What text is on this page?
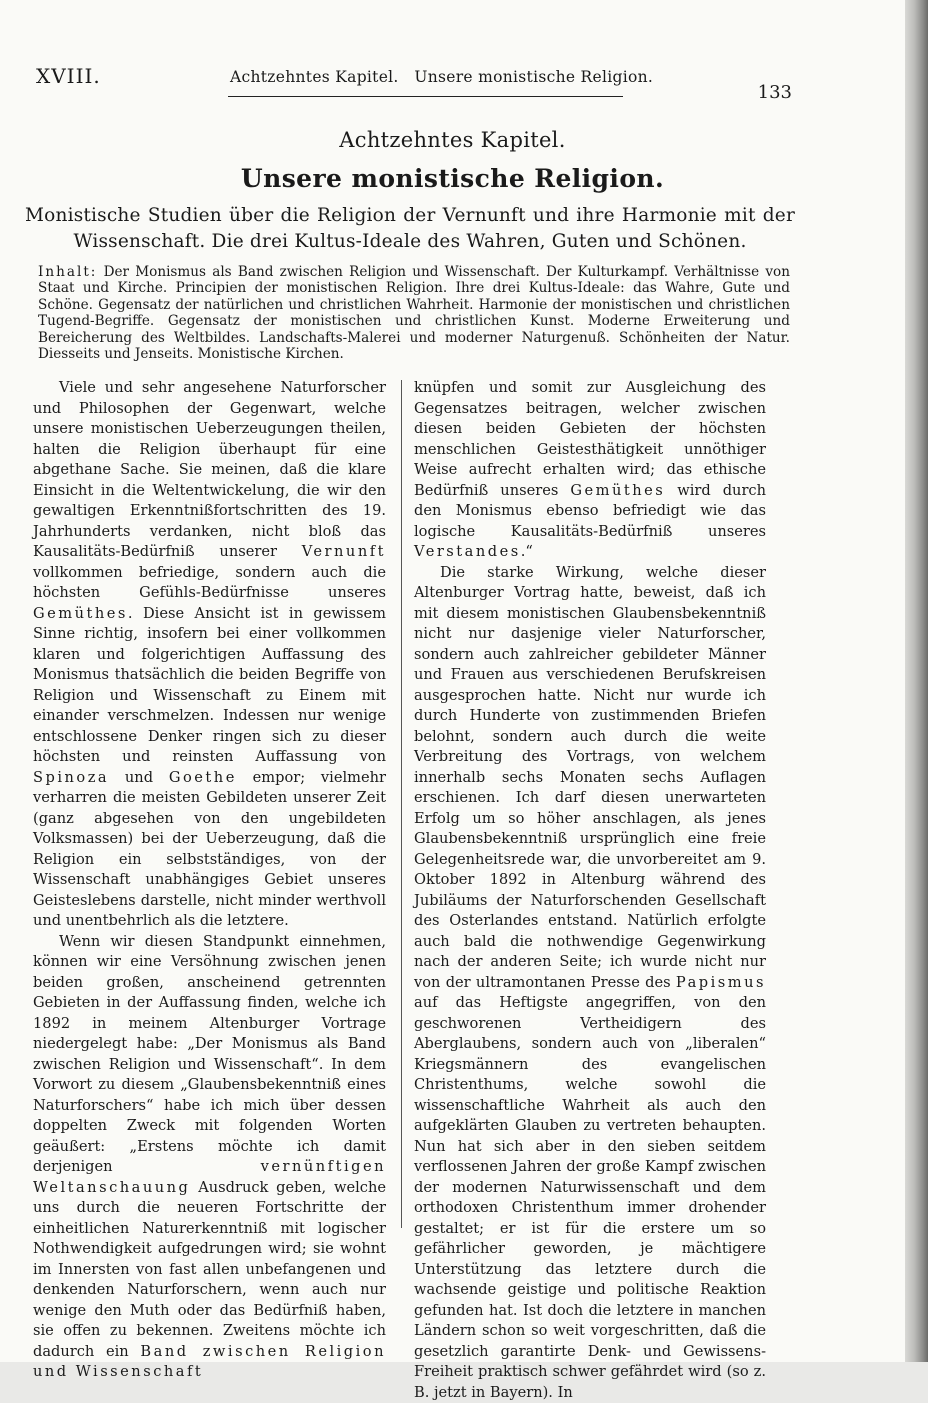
XVIII.	Achtzehntes Kapitel.   Unsere monistische Religion.
133
Achtzehntes Kapitel.
Unsere monistische Religion.
Monistische Studien über die Religion der Vernunft und ihre Harmonie mit der Wissenschaft. Die drei Kultus-Ideale des Wahren, Guten und Schönen.
Inhalt: Der Monismus als Band zwischen Religion und Wissenschaft. Der Kulturkampf. Verhältnisse von Staat und Kirche. Principien der monistischen Religion. Ihre drei Kultus-Ideale: das Wahre, Gute und Schöne. Gegensatz der natürlichen und christlichen Wahrheit. Harmonie der monistischen und christlichen Tugend-Begriffe. Gegensatz der monistischen und christlichen Kunst. Moderne Erweiterung und Bereicherung des Weltbildes. Landschafts-Malerei und moderner Naturgenuß. Schönheiten der Natur. Diesseits und Jenseits. Monistische Kirchen.

Viele und sehr angesehene Naturforscher und Philosophen der Gegenwart, welche unsere monistischen Ueberzeugungen theilen, halten die Religion überhaupt für eine abgethane Sache. Sie meinen, daß die klare Einsicht in die Weltentwickelung, die wir den gewaltigen Erkenntnißfortschritten des 19. Jahrhunderts verdanken, nicht bloß das Kausalitäts-Bedürfniß unserer Vernunft vollkommen befriedige, sondern auch die höchsten Gefühls-Bedürfnisse unseres Gemüthes. Diese Ansicht ist in gewissem Sinne richtig, insofern bei einer vollkommen klaren und folgerichtigen Auffassung des Monismus thatsächlich die beiden Begriffe von Religion und Wissenschaft zu Einem mit einander verschmelzen. Indessen nur wenige entschlossene Denker ringen sich zu dieser höchsten und reinsten Auffassung von Spinoza und Goethe empor; vielmehr verharren die meisten Gebildeten unserer Zeit (ganz abgesehen von den ungebildeten Volksmassen) bei der Ueberzeugung, daß die Religion ein selbstständiges, von der Wissenschaft unabhängiges Gebiet unseres Geisteslebens darstelle, nicht minder werthvoll und unentbehrlich als die letztere.

Wenn wir diesen Standpunkt einnehmen, können wir eine Versöhnung zwischen jenen beiden großen, anscheinend getrennten Gebieten in der Auffassung finden, welche ich 1892 in meinem Altenburger Vortrage niedergelegt habe: „Der Monismus als Band zwischen Religion und Wissenschaft“. In dem Vorwort zu diesem „Glaubensbekenntniß eines Naturforschers“ habe ich mich über dessen doppelten Zweck mit folgenden Worten geäußert: „Erstens möchte ich damit derjenigen vernünftigen Weltanschauung Ausdruck geben, welche uns durch die neueren Fortschritte der einheitlichen Naturerkenntniß mit logischer Nothwendigkeit aufgedrungen wird; sie wohnt im Innersten von fast allen unbefangenen und denkenden Naturforschern, wenn auch nur wenige den Muth oder das Bedürfniß haben, sie offen zu bekennen. Zweitens möchte ich dadurch ein Band zwischen Religion und Wissenschaft

knüpfen und somit zur Ausgleichung des Gegensatzes beitragen, welcher zwischen diesen beiden Gebieten der höchsten menschlichen Geistesthätigkeit unnöthiger Weise aufrecht erhalten wird; das ethische Bedürfniß unseres Gemüthes wird durch den Monismus ebenso befriedigt wie das logische Kausalitäts-Bedürfniß unseres Verstandes.“

Die starke Wirkung, welche dieser Altenburger Vortrag hatte, beweist, daß ich mit diesem monistischen Glaubensbekenntniß nicht nur dasjenige vieler Naturforscher, sondern auch zahlreicher gebildeter Männer und Frauen aus verschiedenen Berufskreisen ausgesprochen hatte. Nicht nur wurde ich durch Hunderte von zustimmenden Briefen belohnt, sondern auch durch die weite Verbreitung des Vortrags, von welchem innerhalb sechs Monaten sechs Auflagen erschienen. Ich darf diesen unerwarteten Erfolg um so höher anschlagen, als jenes Glaubensbekenntniß ursprünglich eine freie Gelegenheitsrede war, die unvorbereitet am 9. Oktober 1892 in Altenburg während des Jubiläums der Naturforschenden Gesellschaft des Osterlandes entstand. Natürlich erfolgte auch bald die nothwendige Gegenwirkung nach der anderen Seite; ich wurde nicht nur von der ultramontanen Presse des Papismus auf das Heftigste angegriffen, von den geschworenen Vertheidigern des Aberglaubens, sondern auch von „liberalen“ Kriegsmännern des evangelischen Christenthums, welche sowohl die wissenschaftliche Wahrheit als auch den aufgeklärten Glauben zu vertreten behaupten. Nun hat sich aber in den sieben seitdem verflossenen Jahren der große Kampf zwischen der modernen Naturwissenschaft und dem orthodoxen Christenthum immer drohender gestaltet; er ist für die erstere um so gefährlicher geworden, je mächtigere Unterstützung das letztere durch die wachsende geistige und politische Reaktion gefunden hat. Ist doch die letztere in manchen Ländern schon so weit vorgeschritten, daß die gesetzlich garantirte Denk- und Gewissens-Freiheit praktisch schwer gefährdet wird (so z. B. jetzt in Bayern). In
